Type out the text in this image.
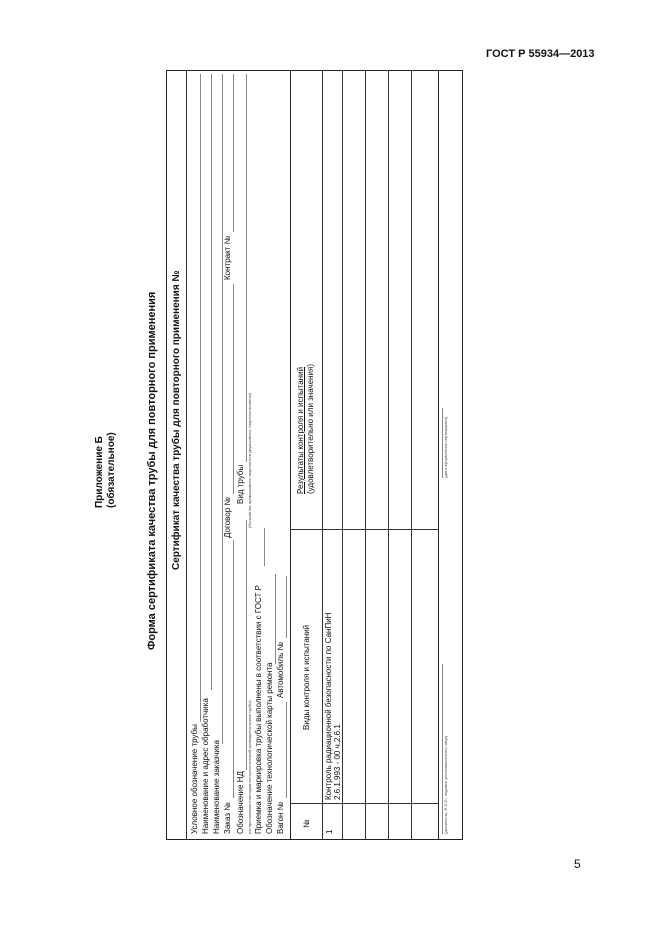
ГОСТ Р 55934—2013
5
Форма сертификата качества трубы для повторного применения
Приложение Б (обязательное)	Сертификат качества трубы для повторного применения №
Условное обозначение трубы Наименование и адрес обработчика Наименование заказчика Заказ №
Договор №
Контракт №
Обозначение НД
Вид трубы
(по приложению к методам контроля которой проводился прием трубы)
(бесшовная, прямошовная сварная или двухшовная, спиральношовная)
Приемка и маркировка трубы выполнены в соответствии с ГОСТ Р Обозначение технологической карты ремонта Вагон №
Автомобиль №
№
Виды контроля и испытаний
Результаты контроля и испытаний (удовлетворительно или значения)
1
Контроль радиационной безопасности по СанПиН 2.6.1.993 - 00 ч.2.6.1	(должность, Ф.И.О., подпись уполномоченного лица)
(дата оформления сертификата)
